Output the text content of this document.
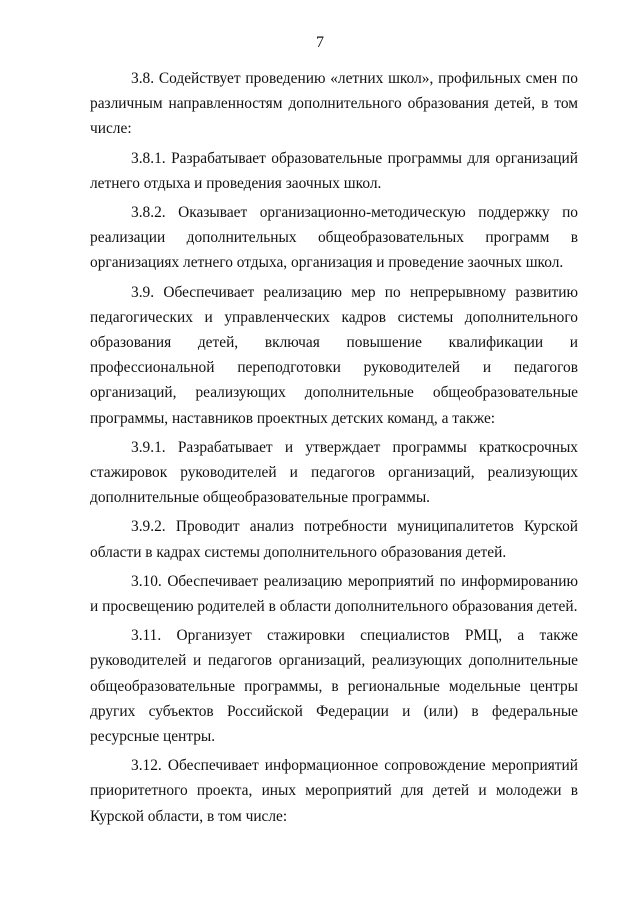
7

3.8. Содействует проведению «летних школ», профильных смен по различным направленностям дополнительного образования детей, в том числе:

3.8.1. Разрабатывает образовательные программы для организаций летнего отдыха и проведения заочных школ.

3.8.2. Оказывает организационно-методическую поддержку по реализации дополнительных общеобразовательных программ в организациях летнего отдыха, организация и проведение заочных школ.

3.9. Обеспечивает реализацию мер по непрерывному развитию педагогических и управленческих кадров системы дополнительного образования детей, включая повышение квалификации и профессиональной переподготовки руководителей и педагогов организаций, реализующих дополнительные общеобразовательные программы, наставников проектных детских команд, а также:

3.9.1. Разрабатывает и утверждает программы краткосрочных стажировок руководителей и педагогов организаций, реализующих дополнительные общеобразовательные программы.

3.9.2. Проводит анализ потребности муниципалитетов Курской области в кадрах системы дополнительного образования детей.

3.10. Обеспечивает реализацию мероприятий по информированию и просвещению родителей в области дополнительного образования детей.

3.11. Организует стажировки специалистов РМЦ, а также руководителей и педагогов организаций, реализующих дополнительные общеобразовательные программы, в региональные модельные центры других субъектов Российской Федерации и (или) в федеральные ресурсные центры.

3.12. Обеспечивает информационное сопровождение мероприятий приоритетного проекта, иных мероприятий для детей и молодежи в Курской области, в том числе:
